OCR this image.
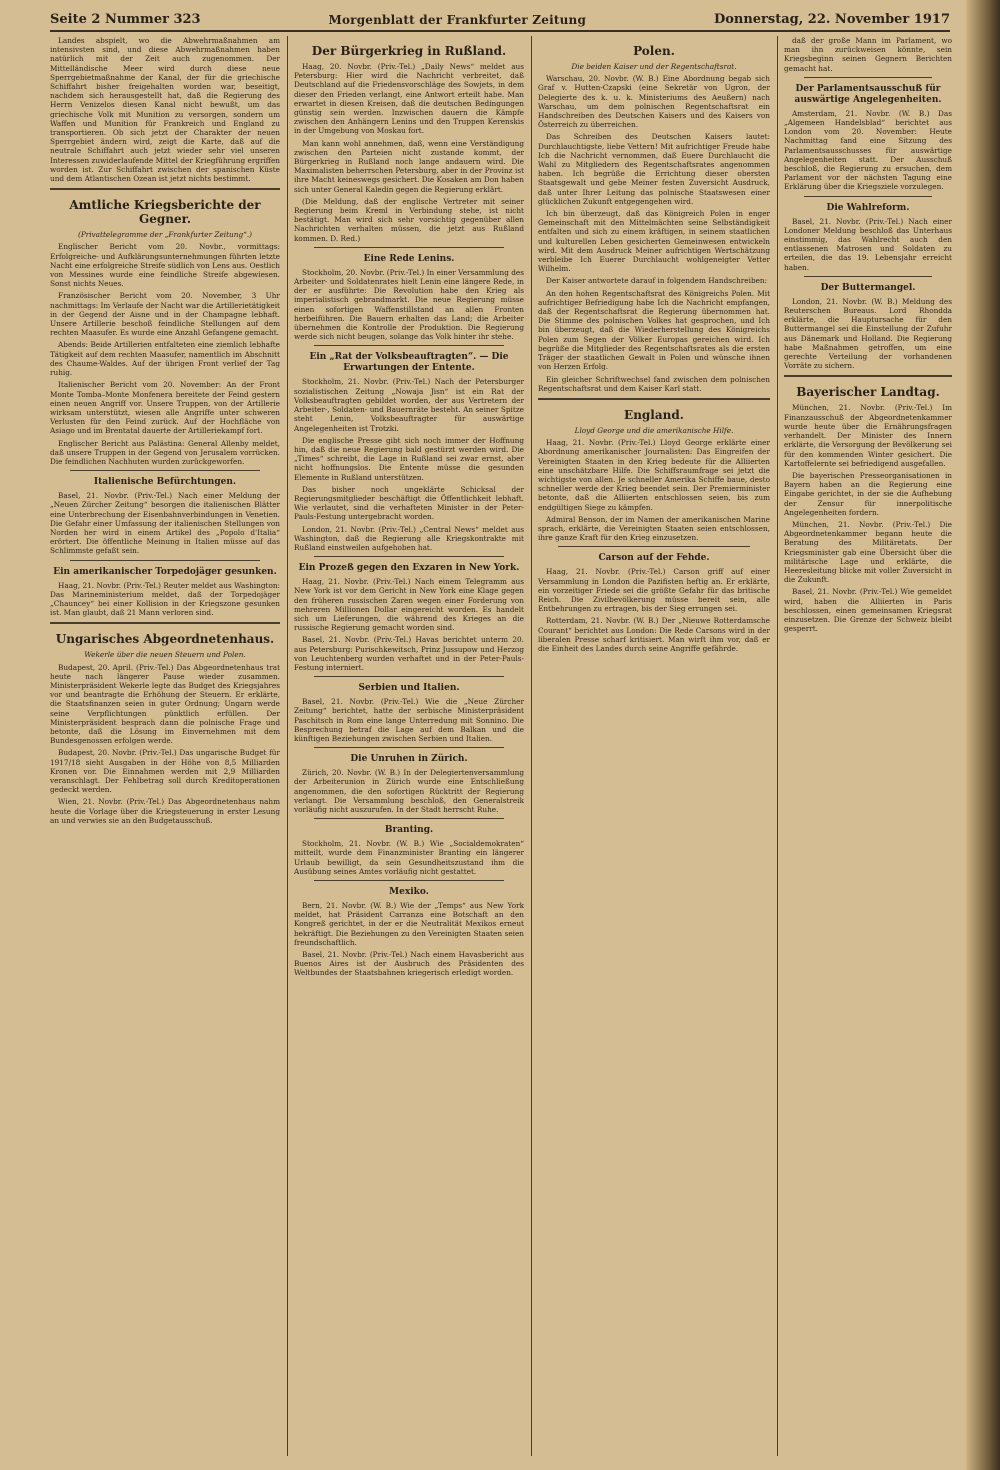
Seite 2 Nummer 323	Morgenblatt der Frankfurter Zeitung	Donnerstag, 22. November 1917

Landes abspielt, wo die Abwehrmaßnahmen am intensivsten sind, und diese Abwehrmaßnahmen haben natürlich mit der Zeit auch zugenommen. Der Mittelländische Meer wird durch diese neue Sperrgebietmaßnahme der Kanal, der für die griechische Schiffahrt bisher freigehalten worden war, beseitigt, nachdem sich herausgestellt hat, daß die Regierung des Herrn Venizelos diesen Kanal nicht bewußt, um das griechische Volk mit Munition zu versorgen, sondern um Waffen und Munition für Frankreich und England zu transportieren. Ob sich jetzt der Charakter der neuen Sperrgebiet ändern wird, zeigt die Karte, daß auf die neutrale Schiffahrt auch jetzt wieder sehr viel unseren Interessen zuwiderlaufende Mittel der Kriegführung ergriffen worden ist. Zur Schiffahrt zwischen der spanischen Küste und dem Atlantischen Ozean ist jetzt nichts bestimmt.

Amtliche Kriegsberichte der Gegner.
(Privattelegramme der „Frankfurter Zeitung“.)

Englischer Bericht vom 20. Novbr., vormittags: Erfolgreiche- und Aufklärungsunternehmungen führten letzte Nacht eine erfolgreiche Streife südlich von Lens aus. Oestlich von Messines wurde eine feindliche Streife abgewiesen. Sonst nichts Neues.

Französischer Bericht vom 20. November, 3 Uhr nachmittags: Im Verlaufe der Nacht war die Artillerietätigkeit in der Gegend der Aisne und in der Champagne lebhaft. Unsere Artillerie beschoß feindliche Stellungen auf dem rechten Maasufer. Es wurde eine Anzahl Gefangene gemacht.

Abends: Beide Artillerien entfalteten eine ziemlich lebhafte Tätigkeit auf dem rechten Maasufer, namentlich im Abschnitt des Chaume-Waldes. Auf der übrigen Front verlief der Tag ruhig.

Italienischer Bericht vom 20. November: An der Front Monte Tomba–Monte Monfenera bereitete der Feind gestern einen neuen Angriff vor. Unsere Truppen, von der Artillerie wirksam unterstützt, wiesen alle Angriffe unter schweren Verlusten für den Feind zurück. Auf der Hochfläche von Asiago und im Brentatal dauerte der Artilleriekampf fort.

Englischer Bericht aus Palästina: General Allenby meldet, daß unsere Truppen in der Gegend von Jerusalem vorrücken. Die feindlichen Nachhuten wurden zurückgeworfen.

Italienische Befürchtungen.

Basel, 21. Novbr. (Priv.-Tel.) Nach einer Meldung der „Neuen Zürcher Zeitung“ besorgen die italienischen Blätter eine Unterbrechung der Eisenbahnverbindungen in Venetien. Die Gefahr einer Umfassung der italienischen Stellungen von Norden her wird in einem Artikel des „Popolo d'Italia“ erörtert. Die öffentliche Meinung in Italien müsse auf das Schlimmste gefaßt sein.

Ein amerikanischer Torpedojäger gesunken.

Haag, 21. Novbr. (Priv.-Tel.) Reuter meldet aus Washington: Das Marineministerium meldet, daß der Torpedojäger „Chauncey“ bei einer Kollision in der Kriegszone gesunken ist. Man glaubt, daß 21 Mann verloren sind.

Ungarisches Abgeordnetenhaus.
Wekerle über die neuen Steuern und Polen.

Budapest, 20. April. (Priv.-Tel.) Das Abgeordnetenhaus trat heute nach längerer Pause wieder zusammen. Ministerpräsident Wekerle legte das Budget des Kriegsjahres vor und beantragte die Erhöhung der Steuern. Er erklärte, die Staatsfinanzen seien in guter Ordnung; Ungarn werde seine Verpflichtungen pünktlich erfüllen. Der Ministerpräsident besprach dann die polnische Frage und betonte, daß die Lösung im Einvernehmen mit dem Bundesgenossen erfolgen werde.

Budapest, 20. Novbr. (Priv.-Tel.) Das ungarische Budget für 1917/18 sieht Ausgaben in der Höhe von 8,5 Milliarden Kronen vor. Die Einnahmen werden mit 2,9 Milliarden veranschlagt. Der Fehlbetrag soll durch Kreditoperationen gedeckt werden.

Wien, 21. Novbr. (Priv.-Tel.) Das Abgeordnetenhaus nahm heute die Vorlage über die Kriegsteuerung in erster Lesung an und verwies sie an den Budgetausschuß.

Der Bürgerkrieg in Rußland.

Haag, 20. Novbr. (Priv.-Tel.) „Daily News“ meldet aus Petersburg: Hier wird die Nachricht verbreitet, daß Deutschland auf die Friedensvorschläge des Sowjets, in dem dieser den Frieden verlangt, eine Antwort erteilt habe. Man erwartet in diesen Kreisen, daß die deutschen Bedingungen günstig sein werden. Inzwischen dauern die Kämpfe zwischen den Anhängern Lenins und den Truppen Kerenskis in der Umgebung von Moskau fort.

Man kann wohl annehmen, daß, wenn eine Verständigung zwischen den Parteien nicht zustande kommt, der Bürgerkrieg in Rußland noch lange andauern wird. Die Maximalisten beherrschen Petersburg, aber in der Provinz ist ihre Macht keineswegs gesichert. Die Kosaken am Don haben sich unter General Kaledin gegen die Regierung erklärt.

(Die Meldung, daß der englische Vertreter mit seiner Regierung beim Kreml in Verbindung stehe, ist nicht bestätigt. Man wird sich sehr vorsichtig gegenüber allen Nachrichten verhalten müssen, die jetzt aus Rußland kommen. D. Red.)

Eine Rede Lenins.

Stockholm, 20. Novbr. (Priv.-Tel.) In einer Versammlung des Arbeiter- und Soldatenrates hielt Lenin eine längere Rede, in der er ausführte: Die Revolution habe den Krieg als imperialistisch gebrandmarkt. Die neue Regierung müsse einen sofortigen Waffenstillstand an allen Fronten herbeiführen. Die Bauern erhalten das Land; die Arbeiter übernehmen die Kontrolle der Produktion. Die Regierung werde sich nicht beugen, solange das Volk hinter ihr stehe.

Ein „Rat der Volksbeauftragten“. — Die Erwartungen der Entente.

Stockholm, 21. Novbr. (Priv.-Tel.) Nach der Petersburger sozialistischen Zeitung „Nowaja Jisn“ ist ein Rat der Volksbeauftragten gebildet worden, der aus Vertretern der Arbeiter-, Soldaten- und Bauernräte besteht. An seiner Spitze steht Lenin, Volksbeauftragter für auswärtige Angelegenheiten ist Trotzki.

Die englische Presse gibt sich noch immer der Hoffnung hin, daß die neue Regierung bald gestürzt werden wird. Die „Times“ schreibt, die Lage in Rußland sei zwar ernst, aber nicht hoffnungslos. Die Entente müsse die gesunden Elemente in Rußland unterstützen.

Das bisher noch ungeklärte Schicksal der Regierungsmitglieder beschäftigt die Öffentlichkeit lebhaft. Wie verlautet, sind die verhafteten Minister in der Peter-Pauls-Festung untergebracht worden.

London, 21. Novbr. (Priv.-Tel.) „Central News“ meldet aus Washington, daß die Regierung alle Kriegskontrakte mit Rußland einstweilen aufgehoben hat.

Ein Prozeß gegen den Exzaren in New York.

Haag, 21. Novbr. (Priv.-Tel.) Nach einem Telegramm aus New York ist vor dem Gericht in New York eine Klage gegen den früheren russischen Zaren wegen einer Forderung von mehreren Millionen Dollar eingereicht worden. Es handelt sich um Lieferungen, die während des Krieges an die russische Regierung gemacht worden sind.

Basel, 21. Novbr. (Priv.-Tel.) Havas berichtet unterm 20. aus Petersburg: Purischkewitsch, Prinz Jussupow und Herzog von Leuchtenberg wurden verhaftet und in der Peter-Pauls-Festung interniert.

Serbien und Italien.

Basel, 21. Novbr. (Priv.-Tel.) Wie die „Neue Zürcher Zeitung“ berichtet, hatte der serbische Ministerpräsident Paschitsch in Rom eine lange Unterredung mit Sonnino. Die Besprechung betraf die Lage auf dem Balkan und die künftigen Beziehungen zwischen Serbien und Italien.

Die Unruhen in Zürich.

Zürich, 20. Novbr. (W. B.) In der Delegiertenversammlung der Arbeiterunion in Zürich wurde eine Entschließung angenommen, die den sofortigen Rücktritt der Regierung verlangt. Die Versammlung beschloß, den Generalstreik vorläufig nicht auszurufen. In der Stadt herrscht Ruhe.

Branting.

Stockholm, 21. Novbr. (W. B.) Wie „Socialdemokraten“ mitteilt, wurde dem Finanzminister Branting ein längerer Urlaub bewilligt, da sein Gesundheitszustand ihm die Ausübung seines Amtes vorläufig nicht gestattet.

Mexiko.

Bern, 21. Novbr. (W. B.) Wie der „Temps“ aus New York meldet, hat Präsident Carranza eine Botschaft an den Kongreß gerichtet, in der er die Neutralität Mexikos erneut bekräftigt. Die Beziehungen zu den Vereinigten Staaten seien freundschaftlich.

Basel, 21. Novbr. (Priv.-Tel.) Nach einem Havasbericht aus Buenos Aires ist der Ausbruch des Präsidenten des Weltbundes der Staatsbahnen kriegerisch erledigt worden.

Polen.
Die beiden Kaiser und der Regentschaftsrat.

Warschau, 20. Novbr. (W. B.) Eine Abordnung begab sich Graf v. Hutten-Czapski (eine Sekretär von Ugron, der Delegierte des k. u. k. Ministeriums des Aeußern) nach Warschau, um dem polnischen Regentschaftsrat ein Handschreiben des Deutschen Kaisers und des Kaisers von Österreich zu überreichen.

Das Schreiben des Deutschen Kaisers lautet: Durchlauchtigste, liebe Vettern! Mit aufrichtiger Freude habe Ich die Nachricht vernommen, daß Euere Durchlaucht die Wahl zu Mitgliedern des Regentschaftsrates angenommen haben. Ich begrüße die Errichtung dieser obersten Staatsgewalt und gebe Meiner festen Zuversicht Ausdruck, daß unter Ihrer Leitung das polnische Staatswesen einer glücklichen Zukunft entgegengehen wird.

Ich bin überzeugt, daß das Königreich Polen in enger Gemeinschaft mit den Mittelmächten seine Selbständigkeit entfalten und sich zu einem kräftigen, in seinem staatlichen und kulturellen Leben gesicherten Gemeinwesen entwickeln wird. Mit dem Ausdruck Meiner aufrichtigen Wertschätzung verbleibe Ich Euerer Durchlaucht wohlgeneigter Vetter Wilhelm.

Der Kaiser antwortete darauf in folgendem Handschreiben:

An den hohen Regentschaftsrat des Königreichs Polen. Mit aufrichtiger Befriedigung habe Ich die Nachricht empfangen, daß der Regentschaftsrat die Regierung übernommen hat. Die Stimme des polnischen Volkes hat gesprochen, und Ich bin überzeugt, daß die Wiederherstellung des Königreichs Polen zum Segen der Völker Europas gereichen wird. Ich begrüße die Mitglieder des Regentschaftsrates als die ersten Träger der staatlichen Gewalt in Polen und wünsche ihnen von Herzen Erfolg.

Ein gleicher Schriftwechsel fand zwischen dem polnischen Regentschaftsrat und dem Kaiser Karl statt.

England.
Lloyd George und die amerikanische Hilfe.

Haag, 21. Novbr. (Priv.-Tel.) Lloyd George erklärte einer Abordnung amerikanischer Journalisten: Das Eingreifen der Vereinigten Staaten in den Krieg bedeute für die Alliierten eine unschätzbare Hilfe. Die Schiffsraumfrage sei jetzt die wichtigste von allen. Je schneller Amerika Schiffe baue, desto schneller werde der Krieg beendet sein. Der Premierminister betonte, daß die Alliierten entschlossen seien, bis zum endgültigen Siege zu kämpfen.

Admiral Benson, der im Namen der amerikanischen Marine sprach, erklärte, die Vereinigten Staaten seien entschlossen, ihre ganze Kraft für den Krieg einzusetzen.

Carson auf der Fehde.

Haag, 21. Novbr. (Priv.-Tel.) Carson griff auf einer Versammlung in London die Pazifisten heftig an. Er erklärte, ein vorzeitiger Friede sei die größte Gefahr für das britische Reich. Die Zivilbevölkerung müsse bereit sein, alle Entbehrungen zu ertragen, bis der Sieg errungen sei.

Rotterdam, 21. Novbr. (W. B.) Der „Nieuwe Rotterdamsche Courant“ berichtet aus London: Die Rede Carsons wird in der liberalen Presse scharf kritisiert. Man wirft ihm vor, daß er die Einheit des Landes durch seine Angriffe gefährde.

daß der große Mann im Parlament, wo man ihn zurückweisen könnte, sein Kriegsbeginn seinen Gegnern Berichten gemacht hat.

Der Parlamentsausschuß für auswärtige Angelegenheiten.

Amsterdam, 21. Novbr. (W. B.) Das „Algemeen Handelsblad“ berichtet aus London vom 20. November: Heute Nachmittag fand eine Sitzung des Parlamentsausschusses für auswärtige Angelegenheiten statt. Der Ausschuß beschloß, die Regierung zu ersuchen, dem Parlament vor der nächsten Tagung eine Erklärung über die Kriegsziele vorzulegen.

Die Wahlreform.

Basel, 21. Novbr. (Priv.-Tel.) Nach einer Londoner Meldung beschloß das Unterhaus einstimmig, das Wahlrecht auch den entlassenen Matrosen und Soldaten zu erteilen, die das 19. Lebensjahr erreicht haben.

Der Buttermangel.

London, 21. Novbr. (W. B.) Meldung des Reuterschen Bureaus. Lord Rhondda erklärte, die Hauptursache für den Buttermangel sei die Einstellung der Zufuhr aus Dänemark und Holland. Die Regierung habe Maßnahmen getroffen, um eine gerechte Verteilung der vorhandenen Vorräte zu sichern.

Bayerischer Landtag.

München, 21. Novbr. (Priv.-Tel.) Im Finanzausschuß der Abgeordnetenkammer wurde heute über die Ernährungsfragen verhandelt. Der Minister des Innern erklärte, die Versorgung der Bevölkerung sei für den kommenden Winter gesichert. Die Kartoffelernte sei befriedigend ausgefallen.

Die bayerischen Presseorganisationen in Bayern haben an die Regierung eine Eingabe gerichtet, in der sie die Aufhebung der Zensur für innerpolitische Angelegenheiten fordern.

München, 21. Novbr. (Priv.-Tel.) Die Abgeordnetenkammer begann heute die Beratung des Militäretats. Der Kriegsminister gab eine Übersicht über die militärische Lage und erklärte, die Heeresleitung blicke mit voller Zuversicht in die Zukunft.

Basel, 21. Novbr. (Priv.-Tel.) Wie gemeldet wird, haben die Alliierten in Paris beschlossen, einen gemeinsamen Kriegsrat einzusetzen. Die Grenze der Schweiz bleibt gesperrt.
